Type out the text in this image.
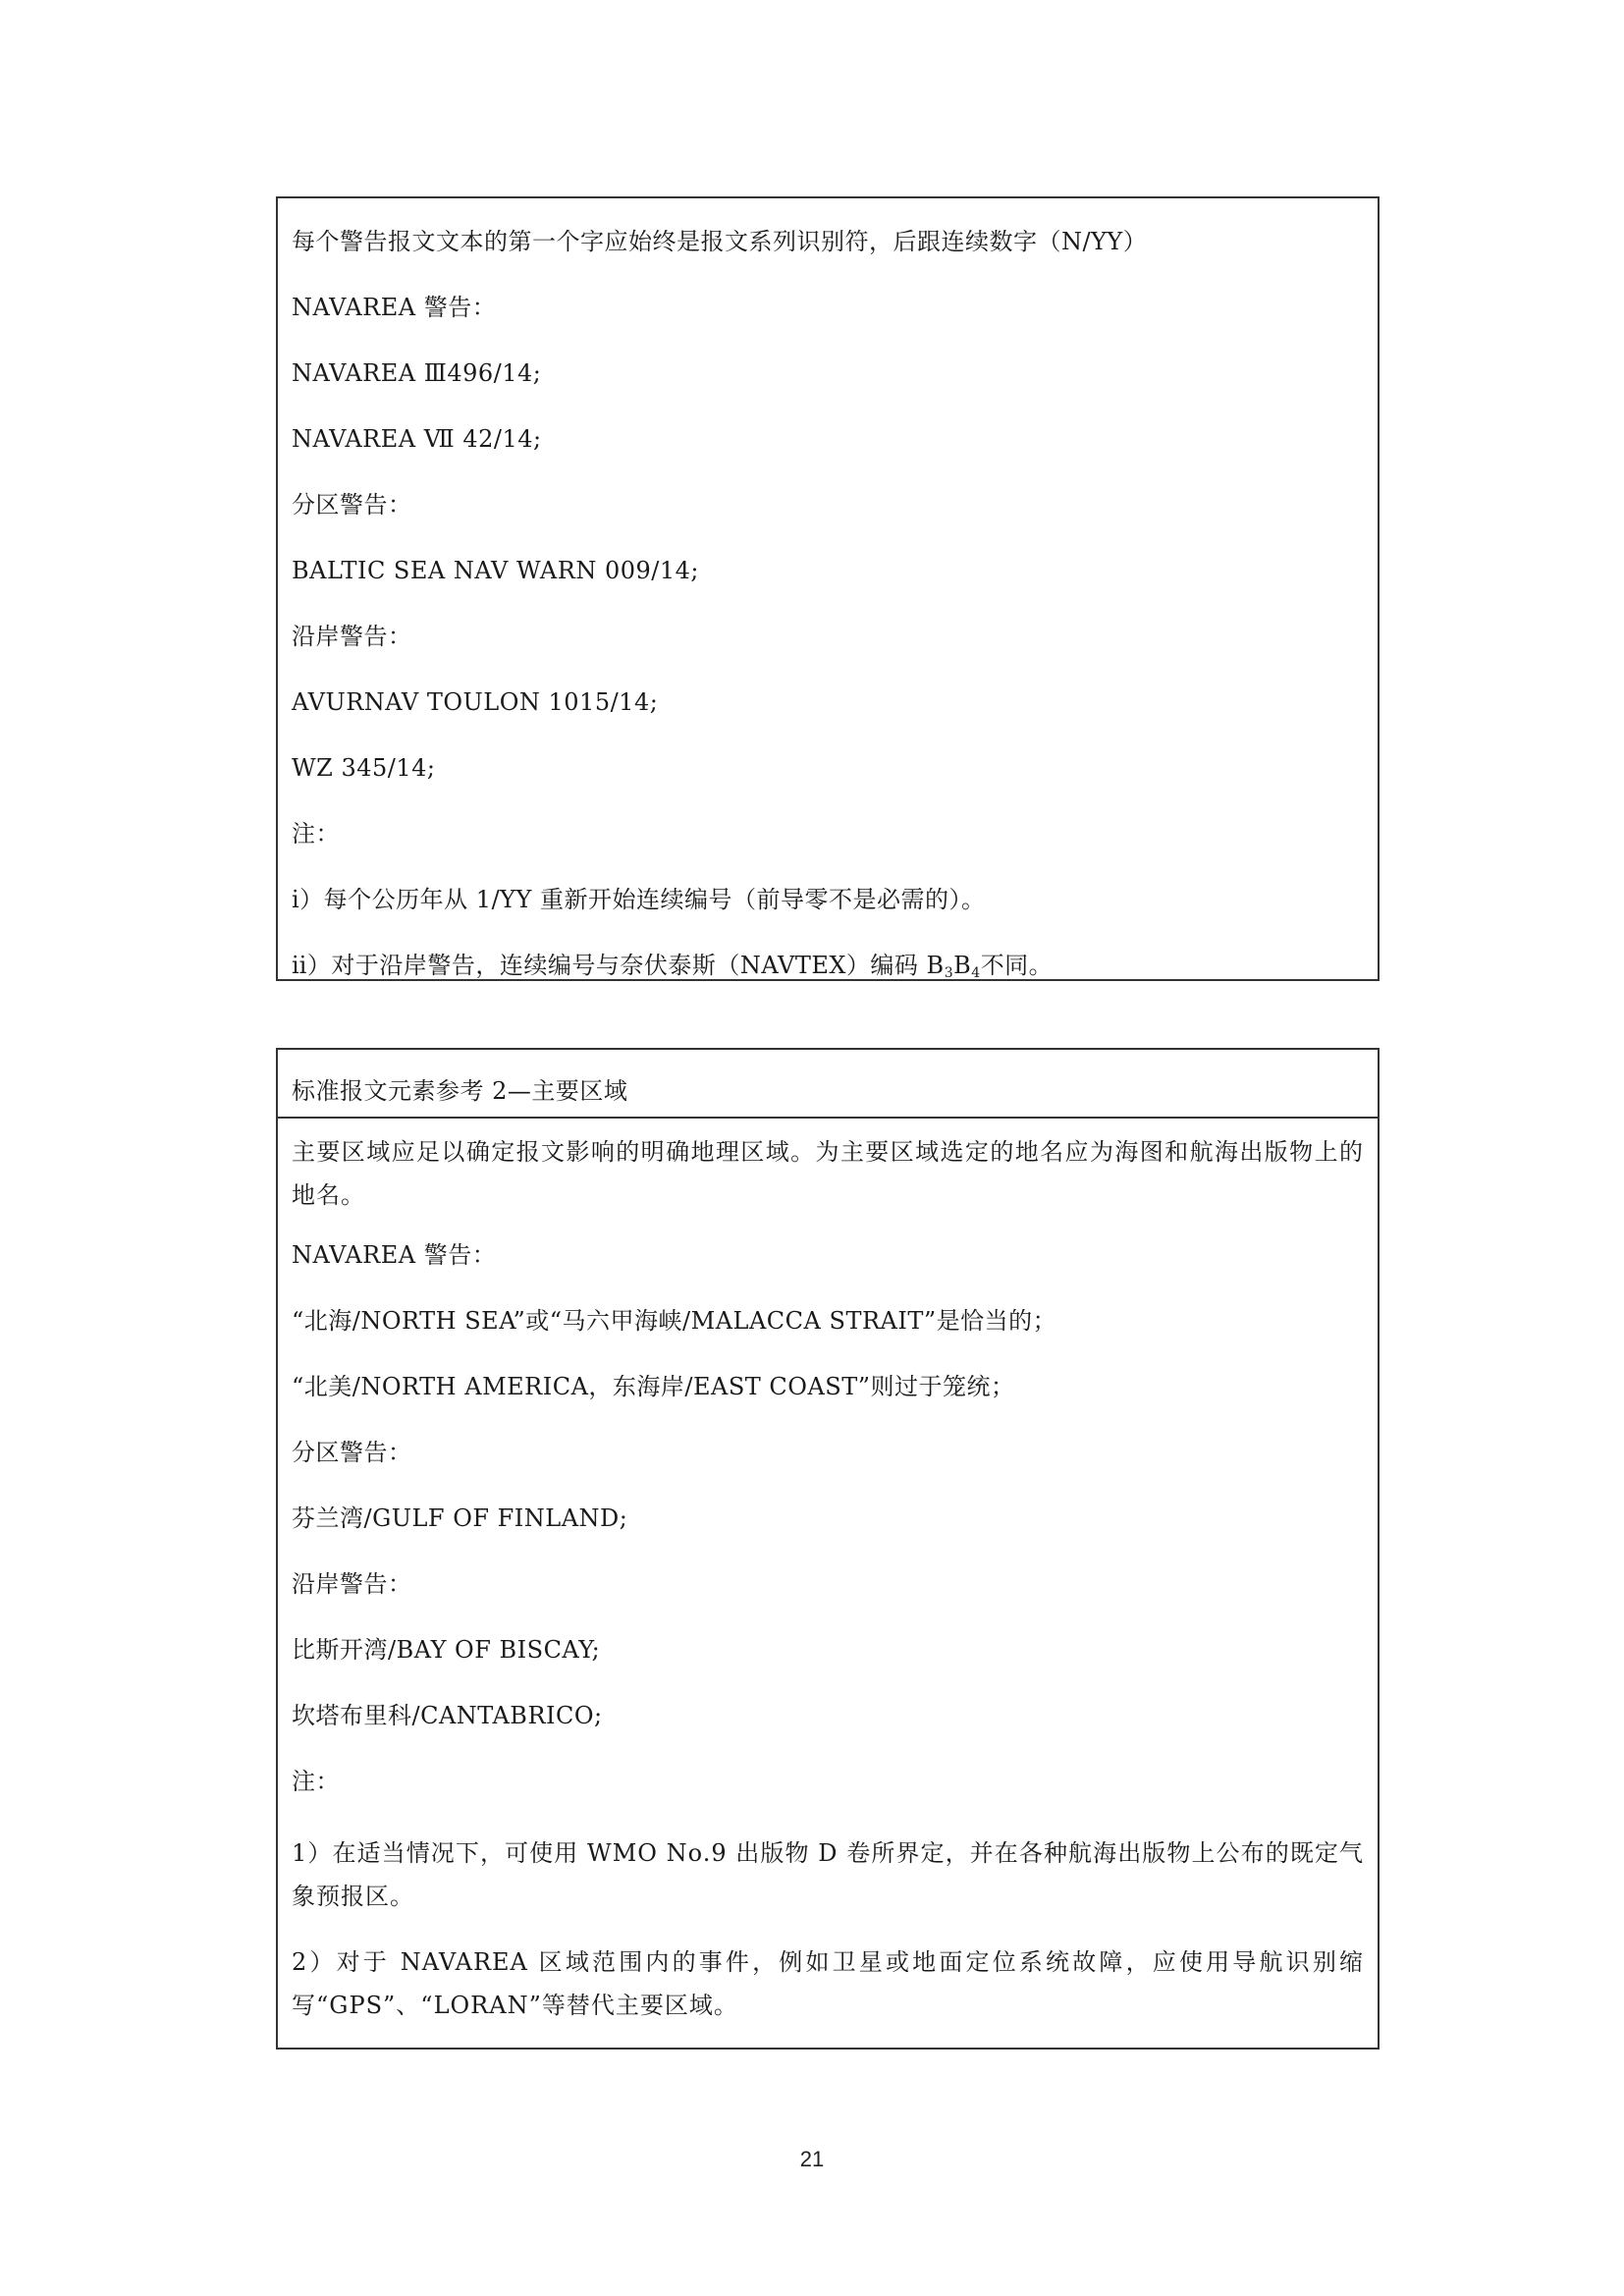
每个警告报文文本的第一个字应始终是报文系列识别符，后跟连续数字（N/YY）
NAVAREA 警告：
NAVAREA Ⅲ496/14;
NAVAREA Ⅶ 42/14;
分区警告：
BALTIC SEA NAV WARN 009/14;
沿岸警告：
AVURNAV TOULON 1015/14;
WZ 345/14;
注：
ⅰ）每个公历年从 1/YY 重新开始连续编号（前导零不是必需的）。
ⅱ）对于沿岸警告，连续编号与奈伏泰斯（NAVTEX）编码 $B_3B_4$不同。
标准报文元素参考 2—主要区域
主要区域应足以确定报文影响的明确地理区域。为主要区域选定的地名应为海图和航海出版物上的地名。
NAVAREA 警告：
“北海/NORTH SEA”或“马六甲海峡/MALACCA STRAIT”是恰当的；
“北美/NORTH AMERICA，东海岸/EAST COAST”则过于笼统；
分区警告：
芬兰湾/GULF OF FINLAND;
沿岸警告：
比斯开湾/BAY OF BISCAY;
坎塔布里科/CANTABRICO;
注：
1）在适当情况下，可使用 WMO No.9 出版物 D 卷所界定，并在各种航海出版物上公布的既定气象预报区。
2）对于 NAVAREA 区域范围内的事件，例如卫星或地面定位系统故障，应使用导航识别缩写“GPS”、“LORAN”等替代主要区域。
21
